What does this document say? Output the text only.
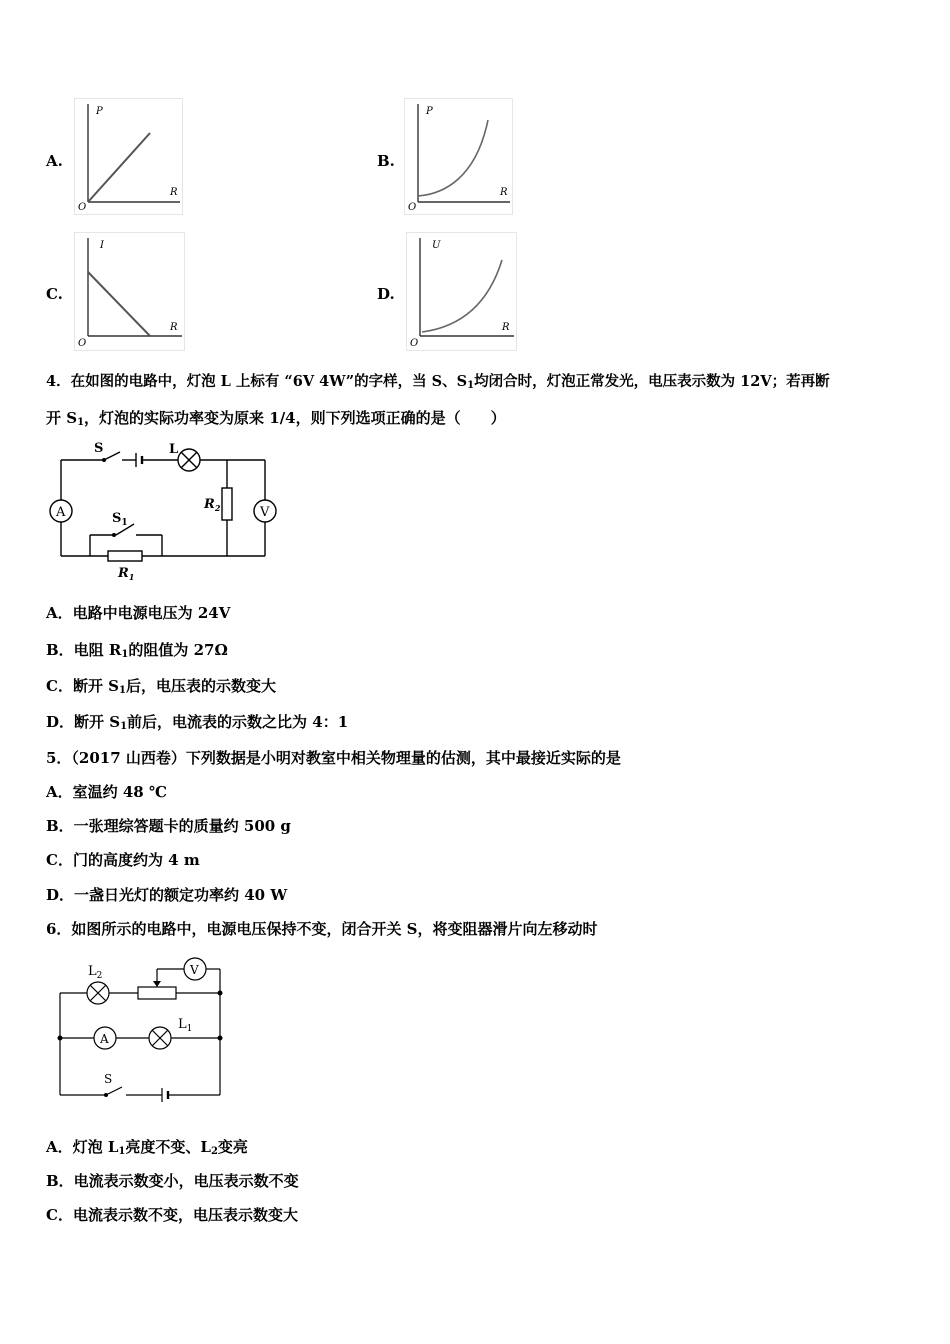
A.
P
R
O
B.
P
R
O
C.
I
R
O
D.
U
R
O
4．在如图的电路中，灯泡 L 上标有 “6V 4W”的字样，当 S、$S_1$均闭合时，灯泡正常发光，电压表示数为 12V；若再断
开 $S_1$，灯泡的实际功率变为原来 1/4，则下列选项正确的是（　　）
S	L
A	V
$S_1$
$R_1$
$R_2$
A．电路中电源电压为 24V
B．电阻 $R_1$的阻值为 27Ω
C．断开 $S_1$后，电压表的示数变大
D．断开 $S_1$前后，电流表的示数之比为 4：1
5．（2017 山西卷）下列数据是小明对教室中相关物理量的估测，其中最接近实际的是
A．室温约 48 ℃
B．一张理综答题卡的质量约 500 g
C．门的高度约为 4 m
D．一盏日光灯的额定功率约 40 W
6．如图所示的电路中，电源电压保持不变，闭合开关 S，将变阻器滑片向左移动时
$L_2$
$L_1$
V
A
S
A．灯泡 $L_1$亮度不变、$L_2$变亮
B．电流表示数变小，电压表示数不变
C．电流表示数不变，电压表示数变大
